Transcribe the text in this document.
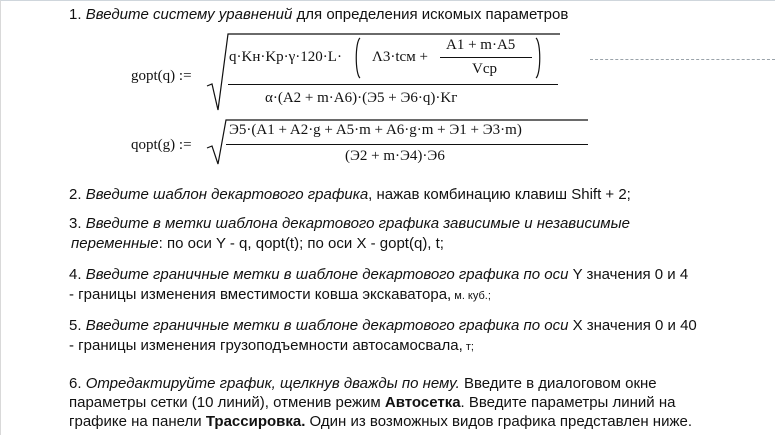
1. Введите систему уравнений для определения искомых параметров

gopt(q) :=
q·Kн·Kр·γ·120·L· Λ3·tсм +
A1 + m·A5
Vср
α·(A2 + m·A6)·(Э5 + Э6·q)·Kг
qopt(g) :=
Э5·(A1 + A2·g + A5·m + A6·g·m + Э1 + Э3·m)
(Э2 + m·Э4)·Э6

2. Введите шаблон декартового графика, нажав комбинацию клавиш Shift + 2;

3. Введите в метки шаблона декартового графика зависимые и независимые

переменные: по оси Y - q, qopt(t); по оси X - gopt(q), t;

4. Введите граничные метки в шаблоне декартового графика по оси Y значения 0 и 4

- границы изменения вместимости ковша экскаватора, м. куб.;

5. Введите граничные метки в шаблоне декартового графика по оси X значения 0 и 40

- границы изменения грузоподъемности автосамосвала, т;

6. Отредактируйте график, щелкнув дважды по нему. Введите в диалоговом окне

параметры сетки (10 линий), отменив режим Автосетка. Введите параметры линий на

графике на панели Трассировка. Один из возможных видов графика представлен ниже.
